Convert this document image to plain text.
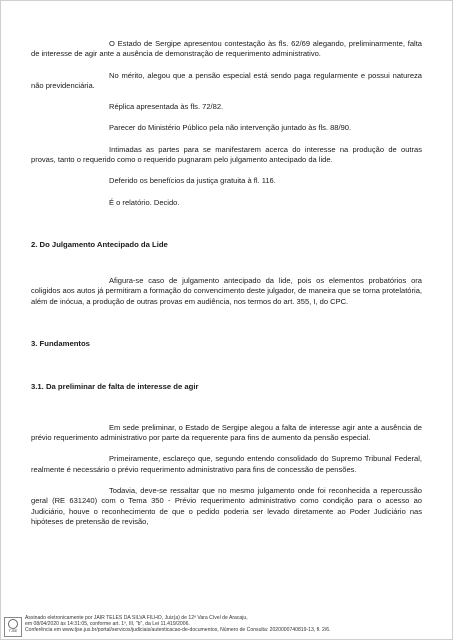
O Estado de Sergipe apresentou contestação às fls. 62/69 alegando, preliminarmente, falta de interesse de agir ante a ausência de demonstração de requerimento administrativo.

No mérito, alegou que a pensão especial está sendo paga regularmente e possui natureza não previdenciária.

Réplica apresentada às fls. 72/82.

Parecer do Ministério Público pela não intervenção juntado às fls. 88/90.

Intimadas as partes para se manifestarem acerca do interesse na produção de outras provas, tanto o requerido como o requerido pugnaram pelo julgamento antecipado da lide.

Deferido os benefícios da justiça gratuita à fl. 116.

É o relatório. Decido.

2. Do Julgamento Antecipado da Lide

Afigura-se caso de julgamento antecipado da lide, pois os elementos probatórios ora coligidos aos autos já permitiram a formação do convencimento deste julgador, de maneira que se torna protelatória, além de inócua, a produção de outras provas em audiência, nos termos do art. 355, I, do CPC.

3. Fundamentos
3.1. Da preliminar de falta de interesse de agir

Em sede preliminar, o Estado de Sergipe alegou a falta de interesse agir ante a ausência de prévio requerimento administrativo por parte da requerente para fins de aumento da pensão especial.

Primeiramente, esclareço que, segundo entendo consolidado do Supremo Tribunal Federal, realmente é necessário o prévio requerimento administrativo para fins de concessão de pensões.

Todavia, deve-se ressaltar que no mesmo julgamento onde foi reconhecida a repercussão geral (RE 631240) com o Tema 350 - Prévio requerimento administrativo como condição para o acesso ao Judiciário, houve o reconhecimento de que o pedido poderia ser levado diretamente ao Poder Judiciário nas hipóteses de pretensão de revisão,

TJSE
Assinado eletronicamente por JAIR TELES DA SILVA FILHO, Juiz(a) de 12ª Vara Cível de Aracaju,
em 08/04/2020 às 14:31:05, conforme art. 1º, III, "b", da Lei 11.419/2006.
Conferência em www.tjse.jus.br/portal/servicos/judiciais/autenticacao-de-documentos, Número de Consulta: 2020000740819-13, fl. 2/6.
